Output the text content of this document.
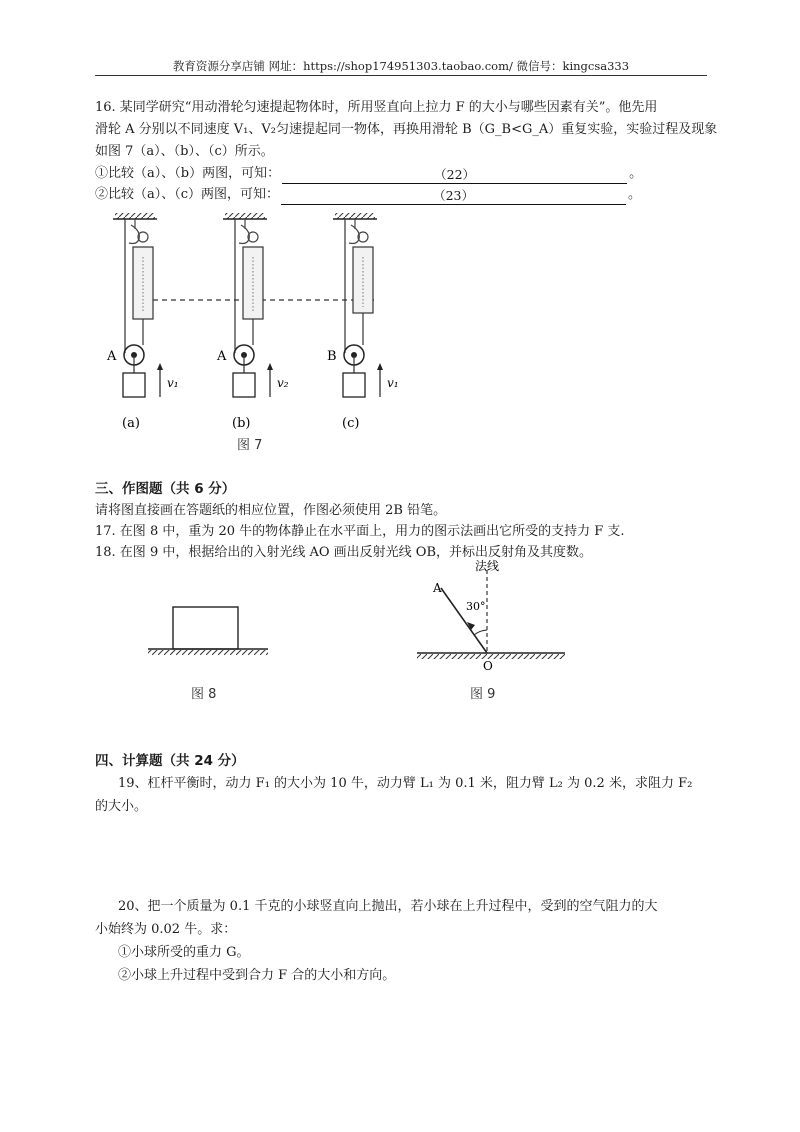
教育资源分享店铺 网址：https://shop174951303.taobao.com/ 微信号：kingcsa333
16. 某同学研究“用动滑轮匀速提起物体时，所用竖直向上拉力 F 的大小与哪些因素有关”。他先用
滑轮 A 分别以不同速度 V₁、V₂匀速提起同一物体，再换用滑轮 B（G_B<G_A）重复实验，实验过程及现象
如图 7（a）、（b）、（c）所示。
①比较（a）、（b）两图，可知：	（22）	。
②比较（a）、（c）两图，可知：	（23）	。
A
v₁
(a)
A
v₂
(b)
B
v₁
(c)
图 7
三、作图题（共 6 分）
请将图直接画在答题纸的相应位置，作图必须使用 2B 铅笔。
17. 在图 8 中，重为 20 牛的物体静止在水平面上，用力的图示法画出它所受的支持力 F 支.
18. 在图 9 中，根据给出的入射光线 AO 画出反射光线 OB，并标出反射角及其度数。
图 8
法线
A
30°
O
图 9
四、计算题（共 24 分）
19、杠杆平衡时，动力 F₁ 的大小为 10 牛，动力臂 L₁ 为 0.1 米，阻力臂 L₂ 为 0.2 米，求阻力 F₂
的大小。
20、把一个质量为 0.1 千克的小球竖直向上抛出，若小球在上升过程中，受到的空气阻力的大
小始终为 0.02 牛。求：
①小球所受的重力 G。
②小球上升过程中受到合力 F 合的大小和方向。
